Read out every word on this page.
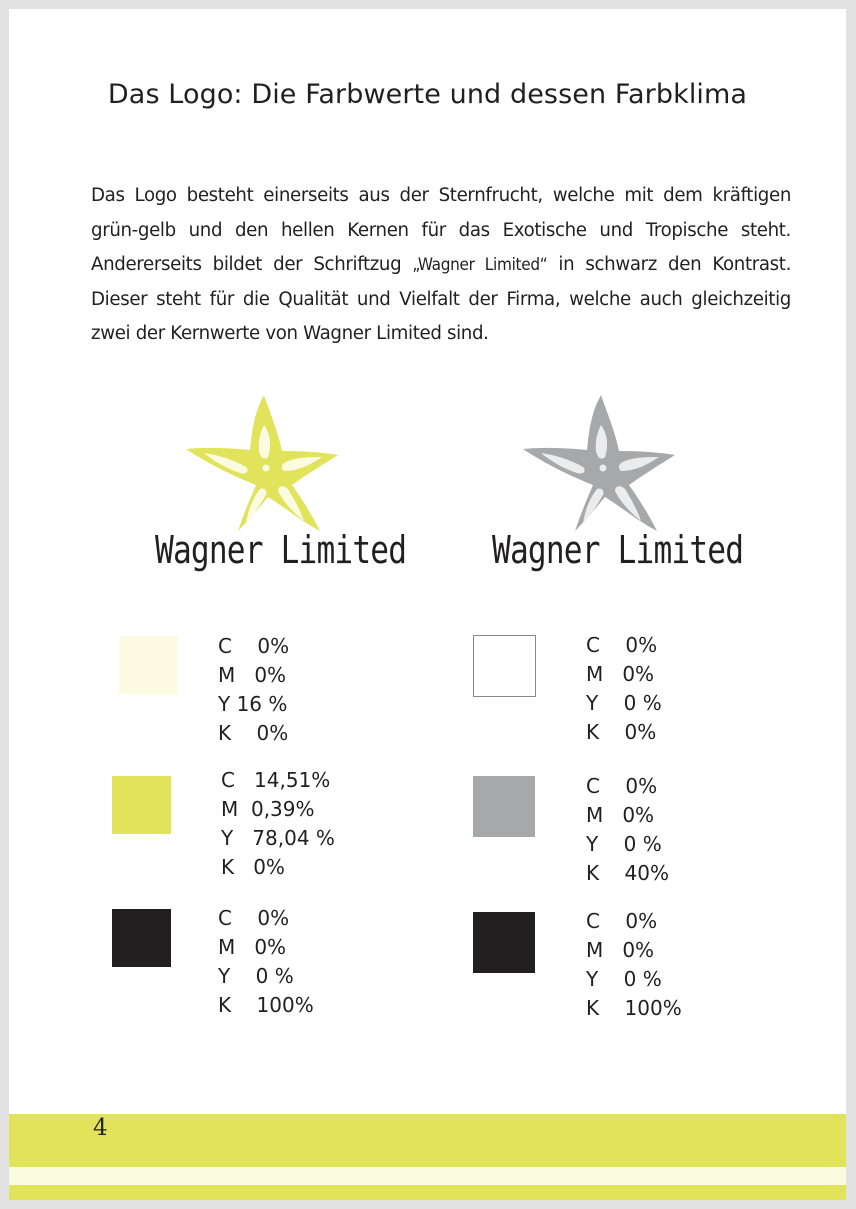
Das Logo: Die Farbwerte und dessen Farbklima
Das Logo besteht einerseits aus der Sternfrucht, welche mit dem kräftigen grün-gelb und den hellen Kernen für das Exotische und Tropische steht. Andererseits bildet der Schriftzug „Wagner Limited“ in schwarz den Kontrast. Dieser steht für die Qualität und Vielfalt der Firma, welche auch gleichzeitig zwei der Kernwerte von Wagner Limited sind.
Wagner Limited Wagner Limited
C    0%
M   0%
Y 16 %
K    0%
C   14,51%
M  0,39%
Y   78,04 %
K   0%
C    0%
M   0%
Y    0 %
K    100%
C    0%
M   0%
Y    0 %
K    0%
C    0%
M   0%
Y    0 %
K    40%
C    0%
M   0%
Y    0 %
K    100%
4
